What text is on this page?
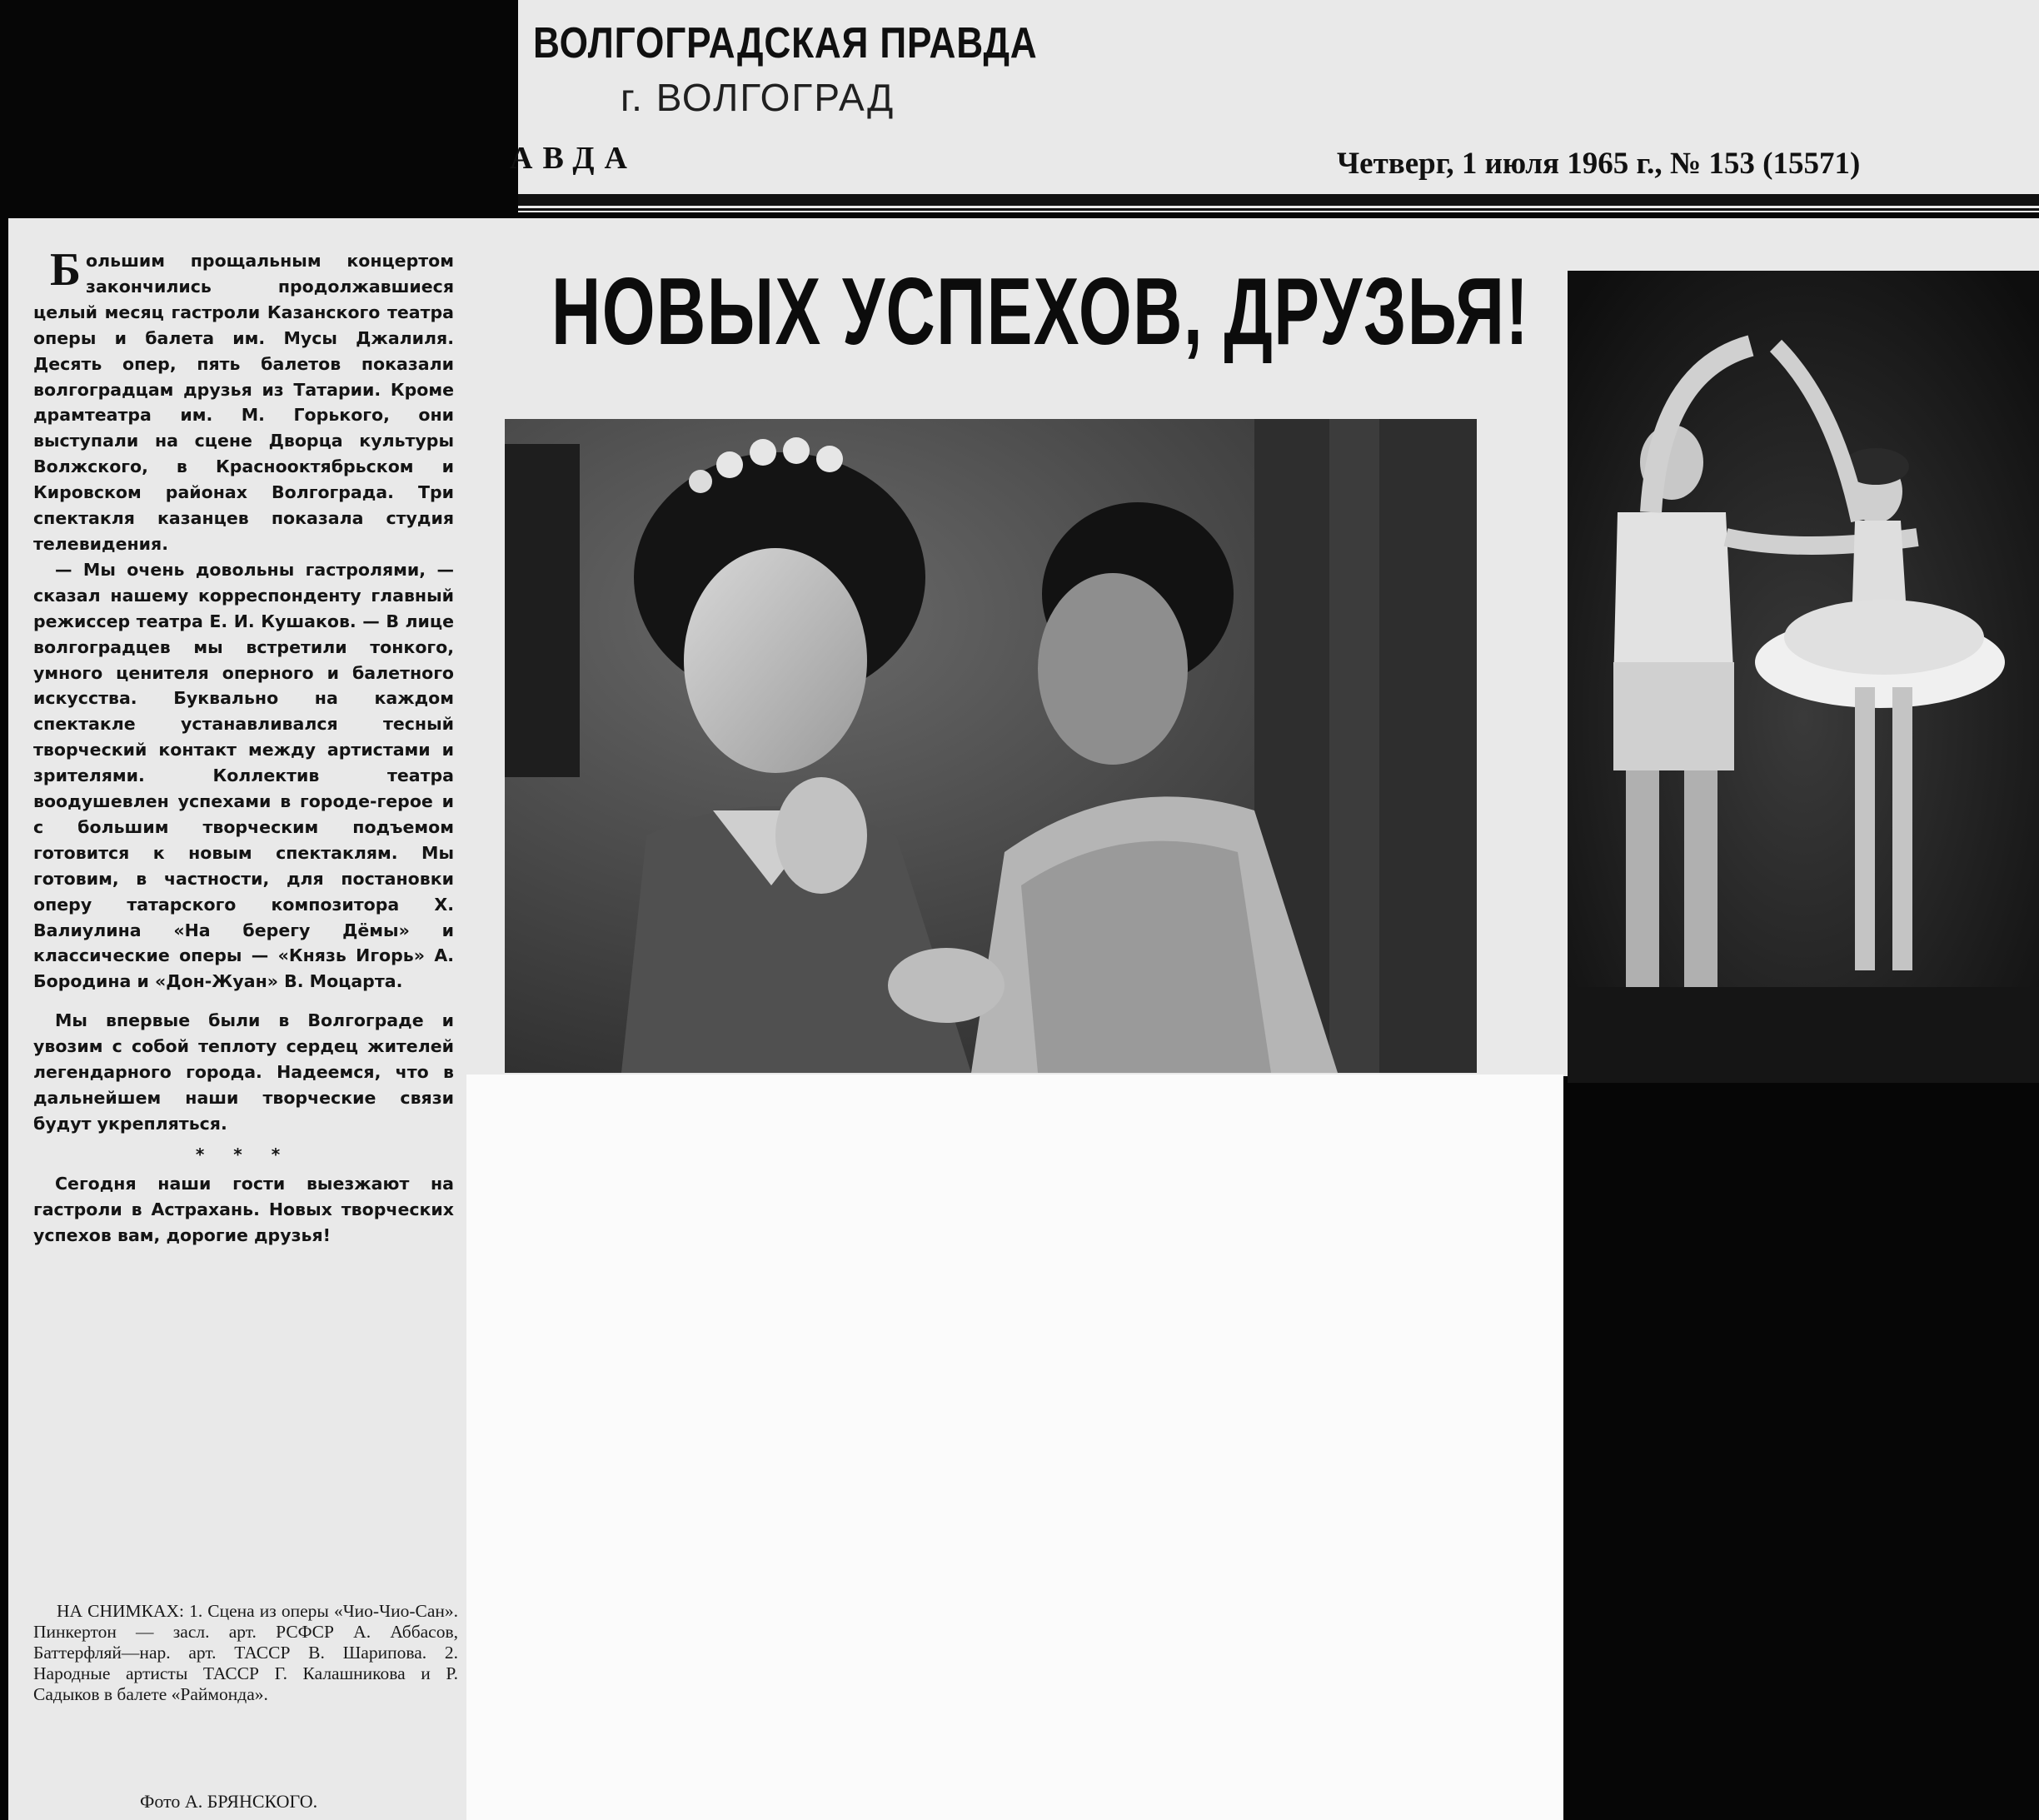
ВОЛГОГРАДСКАЯ ПРАВДА
г. ВОЛГОГРАД
АВДА	Четверг, 1 июля 1965 г., № 153 (15571)
НОВЫХ УСПЕХОВ, ДРУЗЬЯ!

Большим прощальным концертом закончились продолжавшиеся целый месяц гастроли Казанского театра оперы и балета им. Мусы Джалиля. Десять опер, пять балетов показали волгоградцам друзья из Татарии. Кроме драмтеатра им. М. Горького, они выступали на сцене Дворца культуры Волжского, в Краснооктябрьском и Кировском районах Волгограда. Три спектакля казанцев показала студия телевидения.

— Мы очень довольны гастролями, — сказал нашему корреспонденту главный режиссер театра Е. И. Кушаков. — В лице волгоградцев мы встретили тонкого, умного ценителя оперного и балетного искусства. Буквально на каждом спектакле устанавливался тесный творческий контакт между артистами и зрителями. Коллектив театра воодушевлен успехами в городе-герое и с большим творческим подъемом готовится к новым спектаклям. Мы готовим, в частности, для постановки оперу татарского композитора Х. Валиулина «На берегу Дёмы» и классические оперы — «Князь Игорь» А. Бородина и «Дон-Жуан» В. Моцарта.

Мы впервые были в Волгограде и увозим с собой теплоту сердец жителей легендарного города. Надеемся, что в дальнейшем наши творческие связи будут укрепляться.

* * *

Сегодня наши гости выезжают на гастроли в Астрахань. Новых творческих успехов вам, дорогие друзья!

НА СНИМКАХ: 1. Сцена из оперы «Чио-Чио-Сан». Пинкертон — засл. арт. РСФСР А. Аббасов, Баттерфляй—нар. арт. ТАССР В. Шарипова. 2. Народные артисты ТАССР Г. Калашникова и Р. Садыков в балете «Раймонда».

Фото А. БРЯНСКОГО.
